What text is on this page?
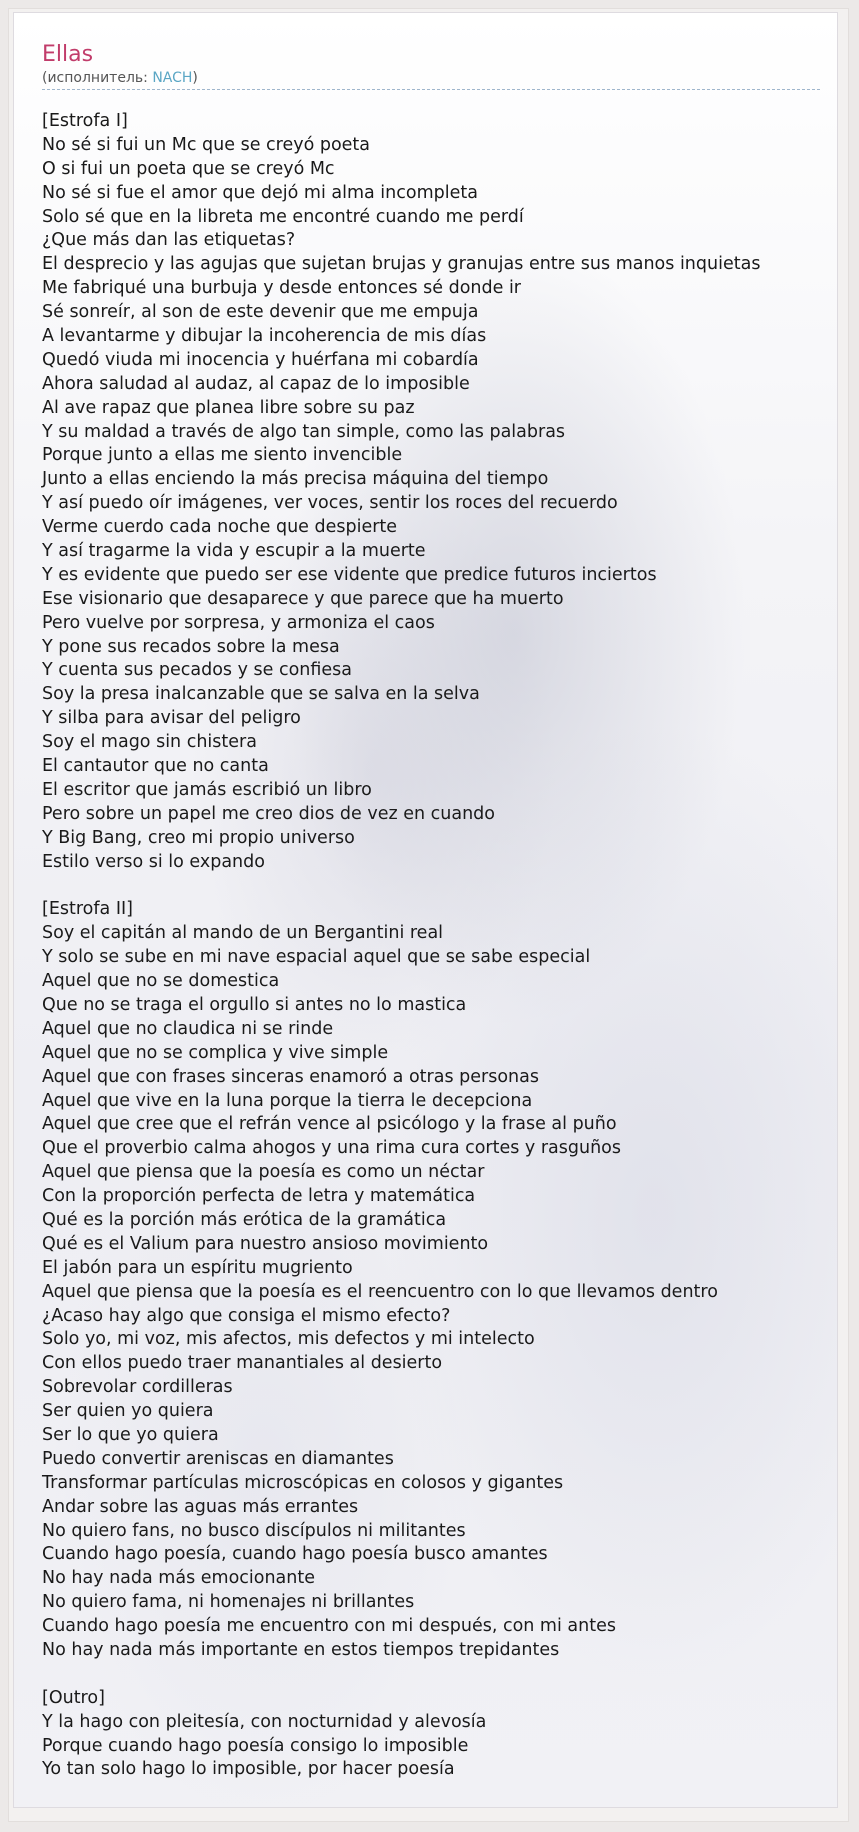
Ellas
(исполнитель: NACH)
[Estrofa I]
No sé si fui un Mc que se creyó poeta
O si fui un poeta que se creyó Mc
No sé si fue el amor que dejó mi alma incompleta
Solo sé que en la libreta me encontré cuando me perdí
¿Que más dan las etiquetas?
El desprecio y las agujas que sujetan brujas y granujas entre sus manos inquietas
Me fabriqué una burbuja y desde entonces sé donde ir
Sé sonreír, al son de este devenir que me empuja
A levantarme y dibujar la incoherencia de mis días
Quedó viuda mi inocencia y huérfana mi cobardía
Ahora saludad al audaz, al capaz de lo imposible
Al ave rapaz que planea libre sobre su paz
Y su maldad a través de algo tan simple, como las palabras
Porque junto a ellas me siento invencible
Junto a ellas enciendo la más precisa máquina del tiempo
Y así puedo oír imágenes, ver voces, sentir los roces del recuerdo
Verme cuerdo cada noche que despierte
Y así tragarme la vida y escupir a la muerte
Y es evidente que puedo ser ese vidente que predice futuros inciertos
Ese visionario que desaparece y que parece que ha muerto
Pero vuelve por sorpresa, y armoniza el caos
Y pone sus recados sobre la mesa
Y cuenta sus pecados y se confiesa
Soy la presa inalcanzable que se salva en la selva
Y silba para avisar del peligro
Soy el mago sin chistera
El cantautor que no canta
El escritor que jamás escribió un libro
Pero sobre un papel me creo dios de vez en cuando
Y Big Bang, creo mi propio universo
Estilo verso si lo expando
[Estrofa II]
Soy el capitán al mando de un Bergantini real
Y solo se sube en mi nave espacial aquel que se sabe especial
Aquel que no se domestica
Que no se traga el orgullo si antes no lo mastica
Aquel que no claudica ni se rinde
Aquel que no se complica y vive simple
Aquel que con frases sinceras enamoró a otras personas
Aquel que vive en la luna porque la tierra le decepciona
Aquel que cree que el refrán vence al psicólogo y la frase al puño
Que el proverbio calma ahogos y una rima cura cortes y rasguños
Aquel que piensa que la poesía es como un néctar
Con la proporción perfecta de letra y matemática
Qué es la porción más erótica de la gramática
Qué es el Valium para nuestro ansioso movimiento
El jabón para un espíritu mugriento
Aquel que piensa que la poesía es el reencuentro con lo que llevamos dentro
¿Acaso hay algo que consiga el mismo efecto?
Solo yo, mi voz, mis afectos, mis defectos y mi intelecto
Con ellos puedo traer manantiales al desierto
Sobrevolar cordilleras
Ser quien yo quiera
Ser lo que yo quiera
Puedo convertir areniscas en diamantes
Transformar partículas microscópicas en colosos y gigantes
Andar sobre las aguas más errantes
No quiero fans, no busco discípulos ni militantes
Cuando hago poesía, cuando hago poesía busco amantes
No hay nada más emocionante
No quiero fama, ni homenajes ni brillantes
Cuando hago poesía me encuentro con mi después, con mi antes
No hay nada más importante en estos tiempos trepidantes
[Outro]
Y la hago con pleitesía, con nocturnidad y alevosía
Porque cuando hago poesía consigo lo imposible
Yo tan solo hago lo imposible, por hacer poesía
